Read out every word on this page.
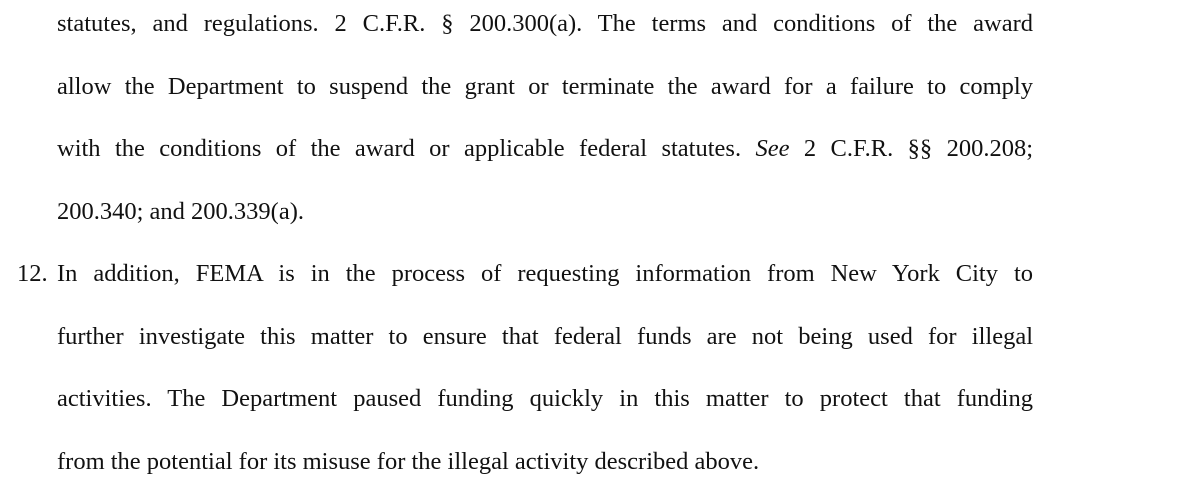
statutes, and regulations. 2 C.F.R. § 200.300(a). The terms and conditions of the award
allow the Department to suspend the grant or terminate the award for a failure to comply
with the conditions of the award or applicable federal statutes. See 2 C.F.R. §§ 200.208;
200.340; and 200.339(a).
12. In addition, FEMA is in the process of requesting information from New York City to
further investigate this matter to ensure that federal funds are not being used for illegal
activities. The Department paused funding quickly in this matter to protect that funding
from the potential for its misuse for the illegal activity described above.
